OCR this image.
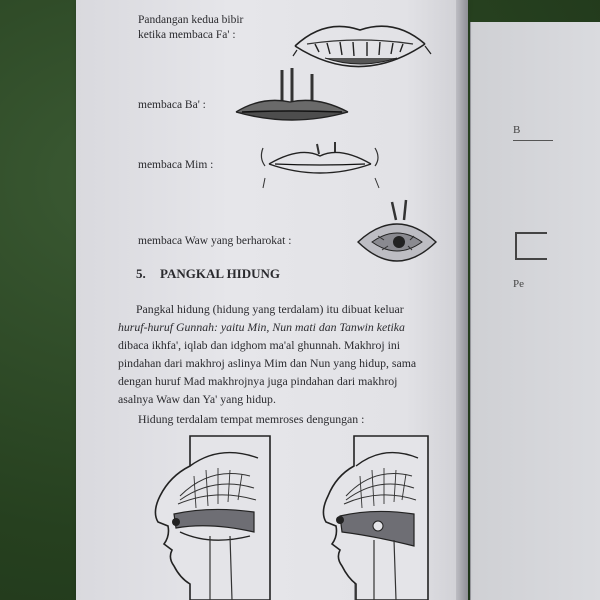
B
Pe
Pandangan kedua bibir
ketika membaca Fa' :
membaca Ba' :
membaca Mim :
membaca Waw yang berharokat :
5. PANGKAL HIDUNG
Pangkal hidung (hidung yang terdalam) itu dibuat keluar
huruf-huruf Gunnah: yaitu Min, Nun mati dan Tanwin ketika
dibaca ikhfa', iqlab dan idghom ma'al ghunnah. Makhroj ini
pindahan dari makhroj aslinya Mim dan Nun yang hidup, sama
dengan huruf Mad makhrojnya juga pindahan dari makhroj
asalnya Waw dan Ya' yang hidup.
Hidung terdalam tempat memroses dengungan :
